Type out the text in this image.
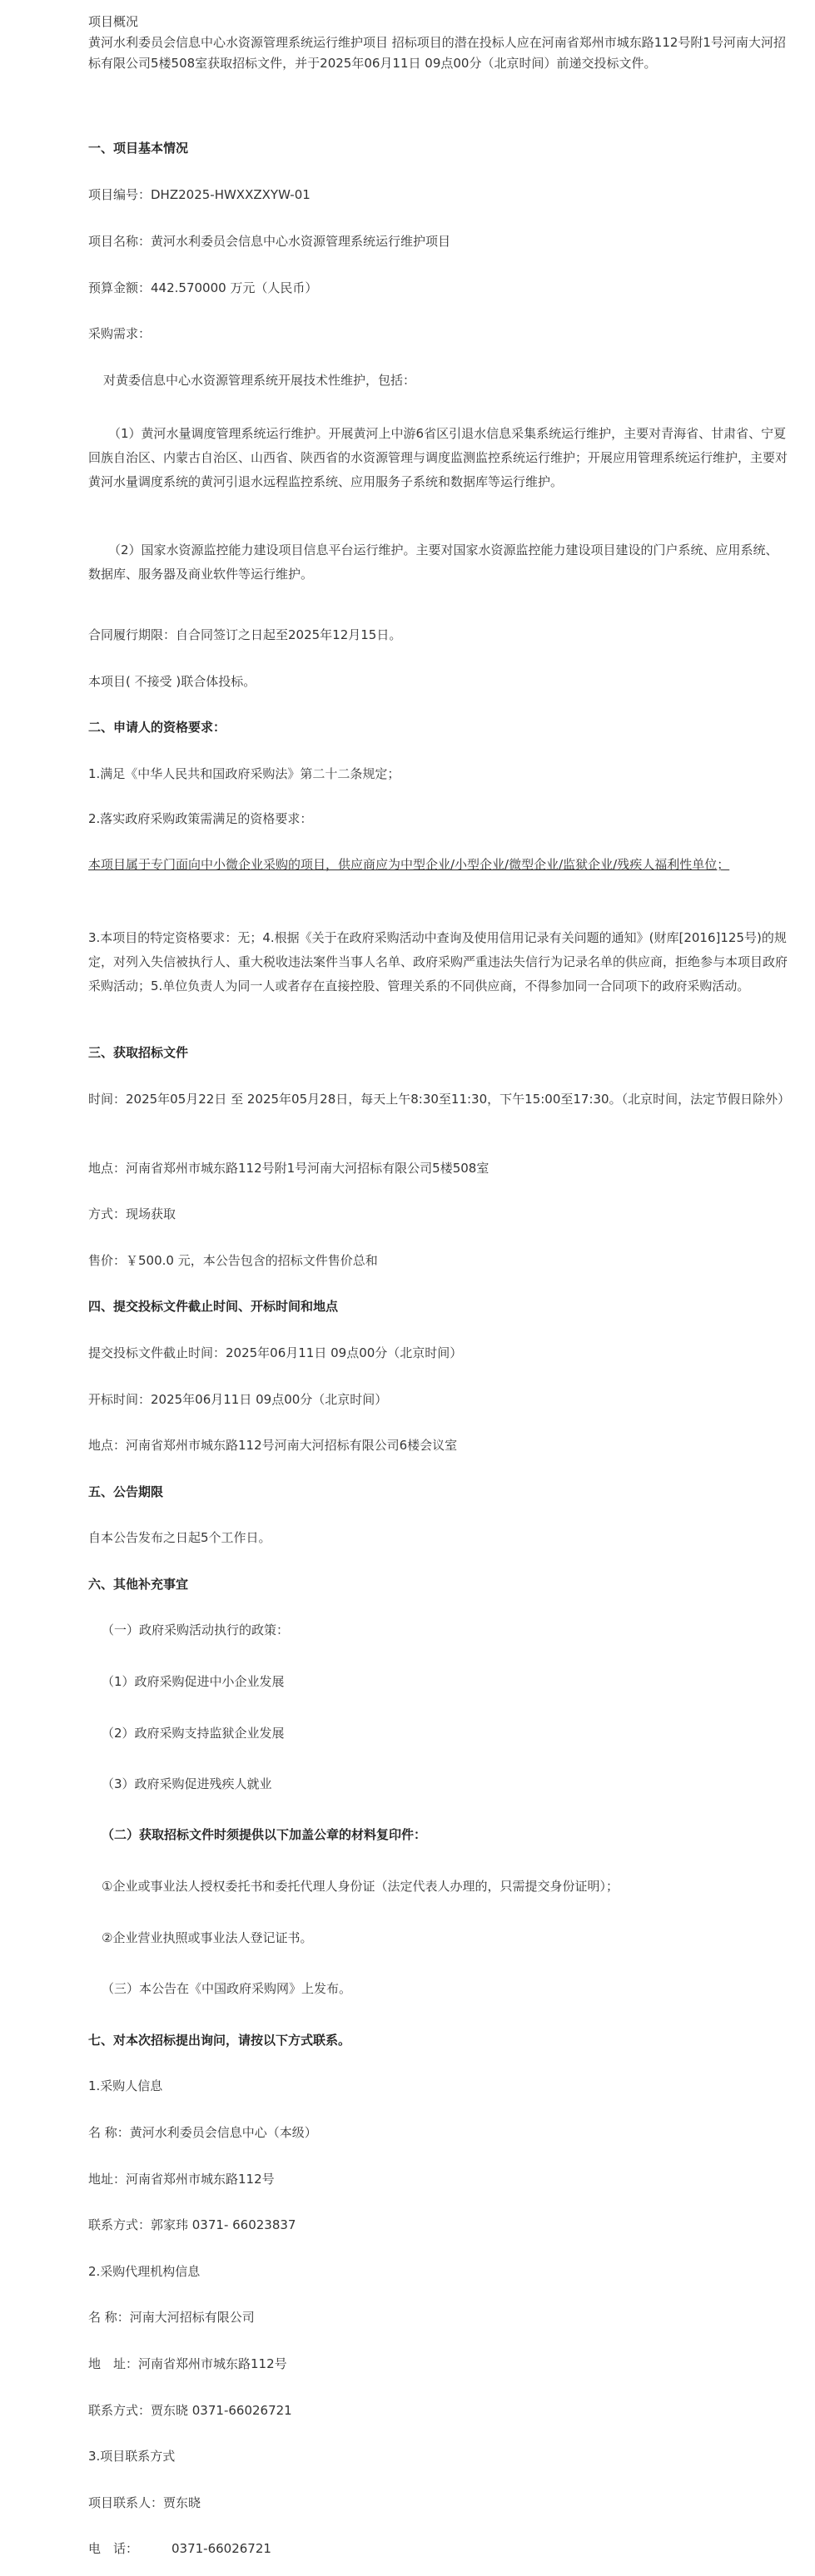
项目概况

黄河水利委员会信息中心水资源管理系统运行维护项目 招标项目的潜在投标人应在河南省郑州市城东路112号附1号河南大河招标有限公司5楼508室获取招标文件，并于2025年06月11日 09点00分（北京时间）前递交投标文件。

一、项目基本情况

项目编号：DHZ2025-HWXXZXYW-01

项目名称：黄河水利委员会信息中心水资源管理系统运行维护项目

预算金额：442.570000 万元（人民币）

采购需求：

对黄委信息中心水资源管理系统开展技术性维护，包括：

（1）黄河水量调度管理系统运行维护。开展黄河上中游6省区引退水信息采集系统运行维护，主要对青海省、甘肃省、宁夏回族自治区、内蒙古自治区、山西省、陕西省的水资源管理与调度监测监控系统运行维护；开展应用管理系统运行维护，主要对黄河水量调度系统的黄河引退水远程监控系统、应用服务子系统和数据库等运行维护。

（2）国家水资源监控能力建设项目信息平台运行维护。主要对国家水资源监控能力建设项目建设的门户系统、应用系统、数据库、服务器及商业软件等运行维护。

合同履行期限：自合同签订之日起至2025年12月15日。

本项目( 不接受 )联合体投标。

二、申请人的资格要求：

1.满足《中华人民共和国政府采购法》第二十二条规定；

2.落实政府采购政策需满足的资格要求：

本项目属于专门面向中小微企业采购的项目，供应商应为中型企业/小型企业/微型企业/监狱企业/残疾人福利性单位；

3.本项目的特定资格要求：无；4.根据《关于在政府采购活动中查询及使用信用记录有关问题的通知》(财库[2016]125号)的规定，对列入失信被执行人、重大税收违法案件当事人名单、政府采购严重违法失信行为记录名单的供应商，拒绝参与本项目政府采购活动；5.单位负责人为同一人或者存在直接控股、管理关系的不同供应商，不得参加同一合同项下的政府采购活动。

三、获取招标文件

时间：2025年05月22日 至 2025年05月28日，每天上午8:30至11:30，下午15:00至17:30。（北京时间，法定节假日除外）

地点：河南省郑州市城东路112号附1号河南大河招标有限公司5楼508室

方式：现场获取

售价：￥500.0 元，本公告包含的招标文件售价总和

四、提交投标文件截止时间、开标时间和地点

提交投标文件截止时间：2025年06月11日 09点00分（北京时间）

开标时间：2025年06月11日 09点00分（北京时间）

地点：河南省郑州市城东路112号河南大河招标有限公司6楼会议室

五、公告期限

自本公告发布之日起5个工作日。

六、其他补充事宜

（一）政府采购活动执行的政策：

（1）政府采购促进中小企业发展

（2）政府采购支持监狱企业发展

（3）政府采购促进残疾人就业

（二）获取招标文件时须提供以下加盖公章的材料复印件：

①企业或事业法人授权委托书和委托代理人身份证（法定代表人办理的，只需提交身份证明）；

②企业营业执照或事业法人登记证书。

（三）本公告在《中国政府采购网》上发布。

七、对本次招标提出询问，请按以下方式联系。

1.采购人信息

名 称：黄河水利委员会信息中心（本级）

地址：河南省郑州市城东路112号

联系方式：郭家玮 0371- 66023837

2.采购代理机构信息

名 称：河南大河招标有限公司

地　址：河南省郑州市城东路112号

联系方式：贾东晓 0371-66026721

3.项目联系方式

项目联系人：贾东晓

电　话：	0371-66026721
